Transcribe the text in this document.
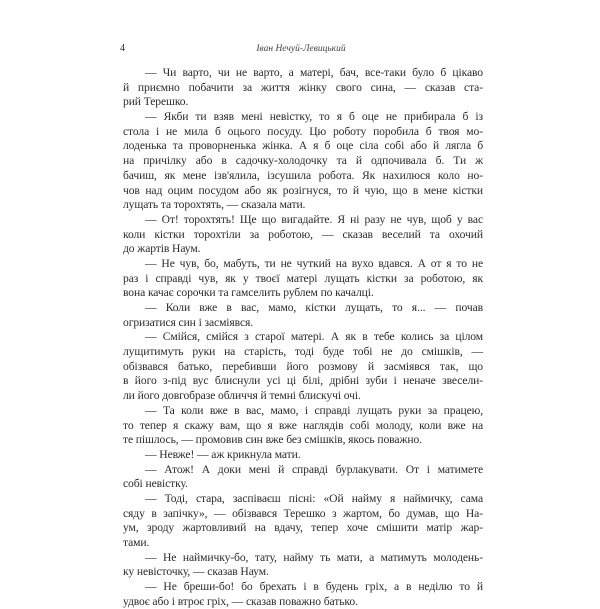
4	Іван Нечуй-Левицький
— Чи варто, чи не варто, а матері, бач, все-таки було б цікаво
й приємно побачити за життя жінку свого сина, — сказав ста-
рий Терешко.
— Якби ти взяв мені невістку, то я б оце не прибирала б із
стола і не мила б оцього посуду. Цю роботу поробила б твоя мо-
лоденька та проворненька жінка. А я б оце сіла собі або й лягла б
на причілку або в садочку-холодочку та й одпочивала б. Ти ж
бачиш, як мене ізв'ялила, ізсушила робота. Як нахилюся коло но-
чов над оцим посудом або як розігнуся, то й чую, що в мене кістки
лущать та торохтять, — сказала мати.
— От! торохтять! Ще що вигадайте. Я ні разу не чув, щоб у вас
коли кістки торохтіли за роботою, — сказав веселий та охочий
до жартів Наум.
— Не чув, бо, мабуть, ти не чуткий на вухо вдався. А от я то не
раз і справді чув, як у твоєї матері лущать кістки за роботою, як
вона качає сорочки та гамселить рублем по качалці.
— Коли вже в вас, мамо, кістки лущать, то я... — почав
огризатися син і засміявся.
— Смійся, смійся з старої матері. А як в тебе колись за цілом
лущитимуть руки на старість, тоді буде тобі не до смішків, —
обізвався батько, перебивши його розмову й засміявся так, що
в його з-під вус блиснули усі ці білі, дрібні зуби і неначе звесели-
ли його довгобразе обличчя й темні блискучі очі.
— Та коли вже в вас, мамо, і справді лущать руки за працею,
то тепер я скажу вам, що я вже наглядів собі молоду, коли вже на
те пішлось, — промовив син вже без смішків, якось поважно.
— Невже! — аж крикнула мати.
— Атож! А доки мені й справді бурлакувати. От і матимете
собі невістку.
— Тоді, стара, заспіваєш пісні: «Ой найму я наймичку, сама
сяду в запічку», — обізвався Терешко з жартом, бо думав, що На-
ум, зроду жартовливий на вдачу, тепер хоче смішити матір жар-
тами.
— Не наймичку-бо, тату, найму ть мати, а матимуть молодень-
ку невісточку, — сказав Наум.
— Не бреши-бо! бо брехать і в будень гріх, а в неділю то й
удвоє або і втроє гріх, — сказав поважно батько.
